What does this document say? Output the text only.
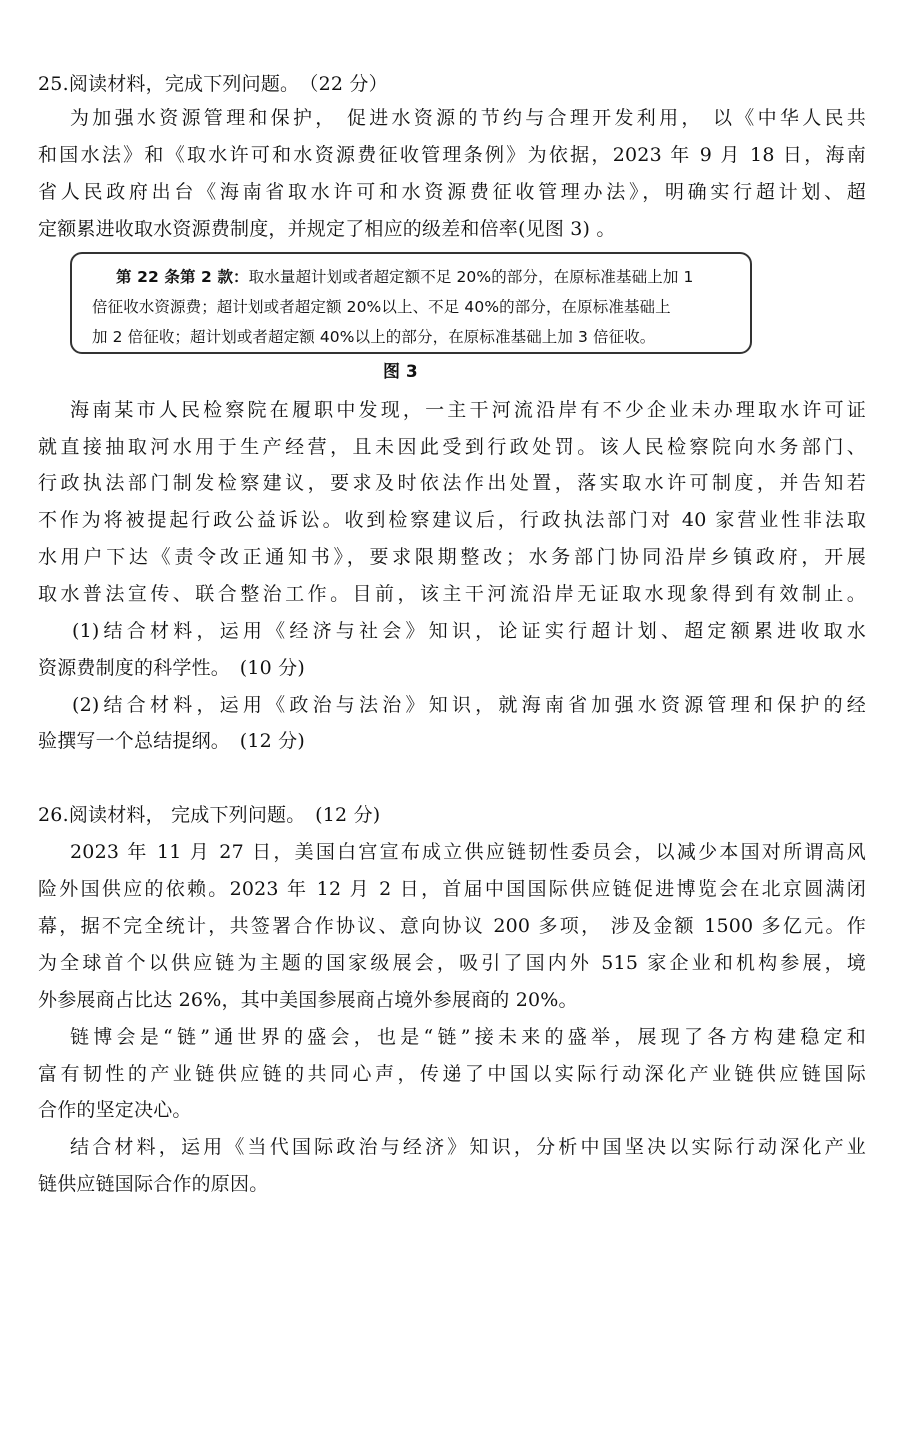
25.阅读材料，完成下列问题。　（22 分）
为加强水资源管理和保护， 促进水资源的节约与合理开发利用， 以《中华人民共
和国水法》和《取水许可和水资源费征收管理条例》为依据，2023 年 9 月 18 日，海南
省人民政府出台《海南省取水许可和水资源费征收管理办法》，明确实行超计划、超
定额累进收取水资源费制度，并规定了相应的级差和倍率(见图 3) 。
第 22 条第 2 款：取水量超计划或者超定额不足 20%的部分，在原标准基础上加 1
倍征收水资源费；超计划或者超定额 20%以上、不足 40%的部分，在原标准基础上
加 2 倍征收；超计划或者超定额 40%以上的部分，在原标准基础上加 3 倍征收。
图 3
海南某市人民检察院在履职中发现，一主干河流沿岸有不少企业未办理取水许可证
就直接抽取河水用于生产经营，且未因此受到行政处罚。该人民检察院向水务部门、
行政执法部门制发检察建议，要求及时依法作出处置，落实取水许可制度，并告知若
不作为将被提起行政公益诉讼。收到检察建议后，行政执法部门对 40 家营业性非法取
水用户下达《责令改正通知书》，要求限期整改；水务部门协同沿岸乡镇政府，开展
取水普法宣传、联合整治工作。目前，该主干河流沿岸无证取水现象得到有效制止。
(1)结合材料，运用《经济与社会》知识，论证实行超计划、超定额累进收取水
资源费制度的科学性。　(10 分)
(2)结合材料，运用《政治与法治》知识，就海南省加强水资源管理和保护的经
验撰写一个总结提纲。　(12 分)
26.阅读材料， 完成下列问题。　(12 分)
2023 年 11 月 27 日，美国白宫宣布成立供应链韧性委员会，以减少本国对所谓高风
险外国供应的依赖。2023 年 12 月 2 日，首届中国国际供应链促进博览会在北京圆满闭
幕，据不完全统计，共签署合作协议、意向协议 200 多项， 涉及金额 1500 多亿元。作
为全球首个以供应链为主题的国家级展会，吸引了国内外 515 家企业和机构参展，境
外参展商占比达 26%，其中美国参展商占境外参展商的 20%。
链博会是“链”通世界的盛会，也是“链”接未来的盛举，展现了各方构建稳定和
富有韧性的产业链供应链的共同心声，传递了中国以实际行动深化产业链供应链国际
合作的坚定决心。
结合材料，运用《当代国际政治与经济》知识，分析中国坚决以实际行动深化产业
链供应链国际合作的原因。
